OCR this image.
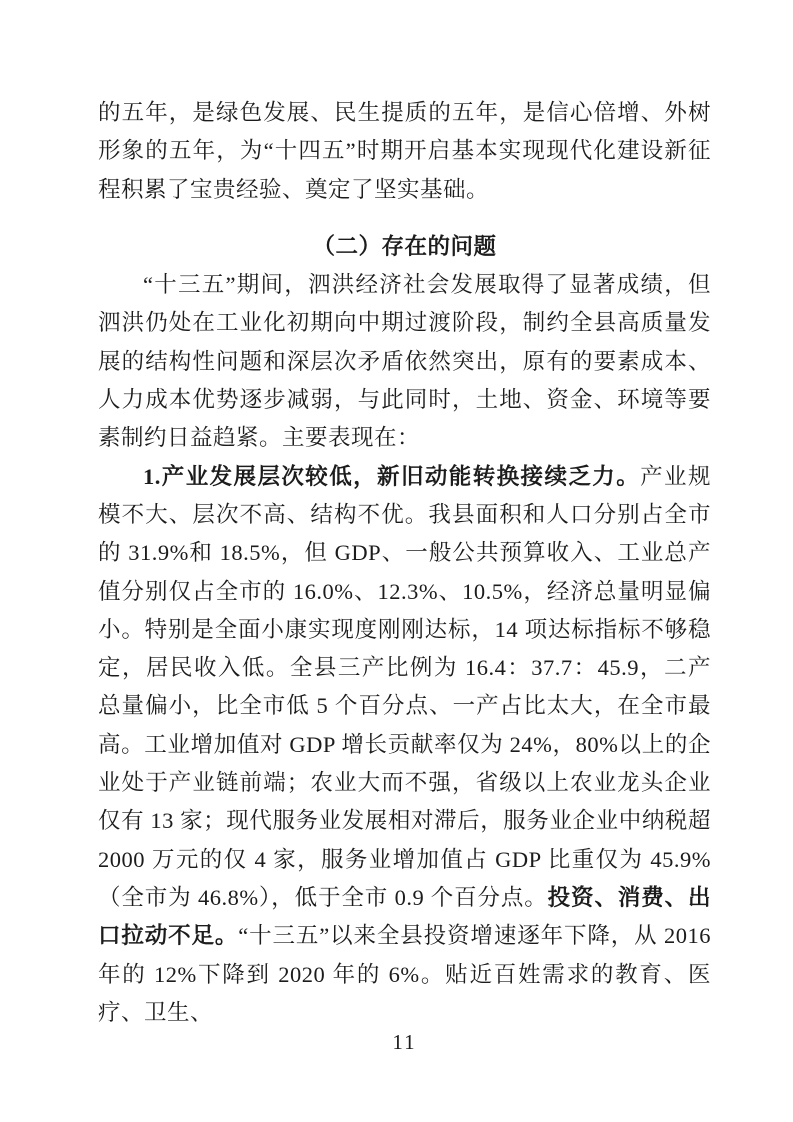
的五年，是绿色发展、民生提质的五年，是信心倍增、外树形象的五年，为“十四五”时期开启基本实现现代化建设新征程积累了宝贵经验、奠定了坚实基础。

（二）存在的问题

“十三五”期间，泗洪经济社会发展取得了显著成绩，但泗洪仍处在工业化初期向中期过渡阶段，制约全县高质量发展的结构性问题和深层次矛盾依然突出，原有的要素成本、人力成本优势逐步减弱，与此同时，土地、资金、环境等要素制约日益趋紧。主要表现在：

1.产业发展层次较低，新旧动能转换接续乏力。产业规模不大、层次不高、结构不优。我县面积和人口分别占全市的 31.9%和 18.5%，但 GDP、一般公共预算收入、工业总产值分别仅占全市的 16.0%、12.3%、10.5%，经济总量明显偏小。特别是全面小康实现度刚刚达标，14 项达标指标不够稳定，居民收入低。全县三产比例为 16.4：37.7：45.9，二产总量偏小，比全市低 5 个百分点、一产占比太大，在全市最高。工业增加值对 GDP 增长贡献率仅为 24%，80%以上的企业处于产业链前端；农业大而不强，省级以上农业龙头企业仅有 13 家；现代服务业发展相对滞后，服务业企业中纳税超 2000 万元的仅 4 家，服务业增加值占 GDP 比重仅为 45.9%（全市为 46.8%），低于全市 0.9 个百分点。投资、消费、出口拉动不足。“十三五”以来全县投资增速逐年下降，从 2016 年的 12%下降到 2020 年的 6%。贴近百姓需求的教育、医疗、卫生、

11
